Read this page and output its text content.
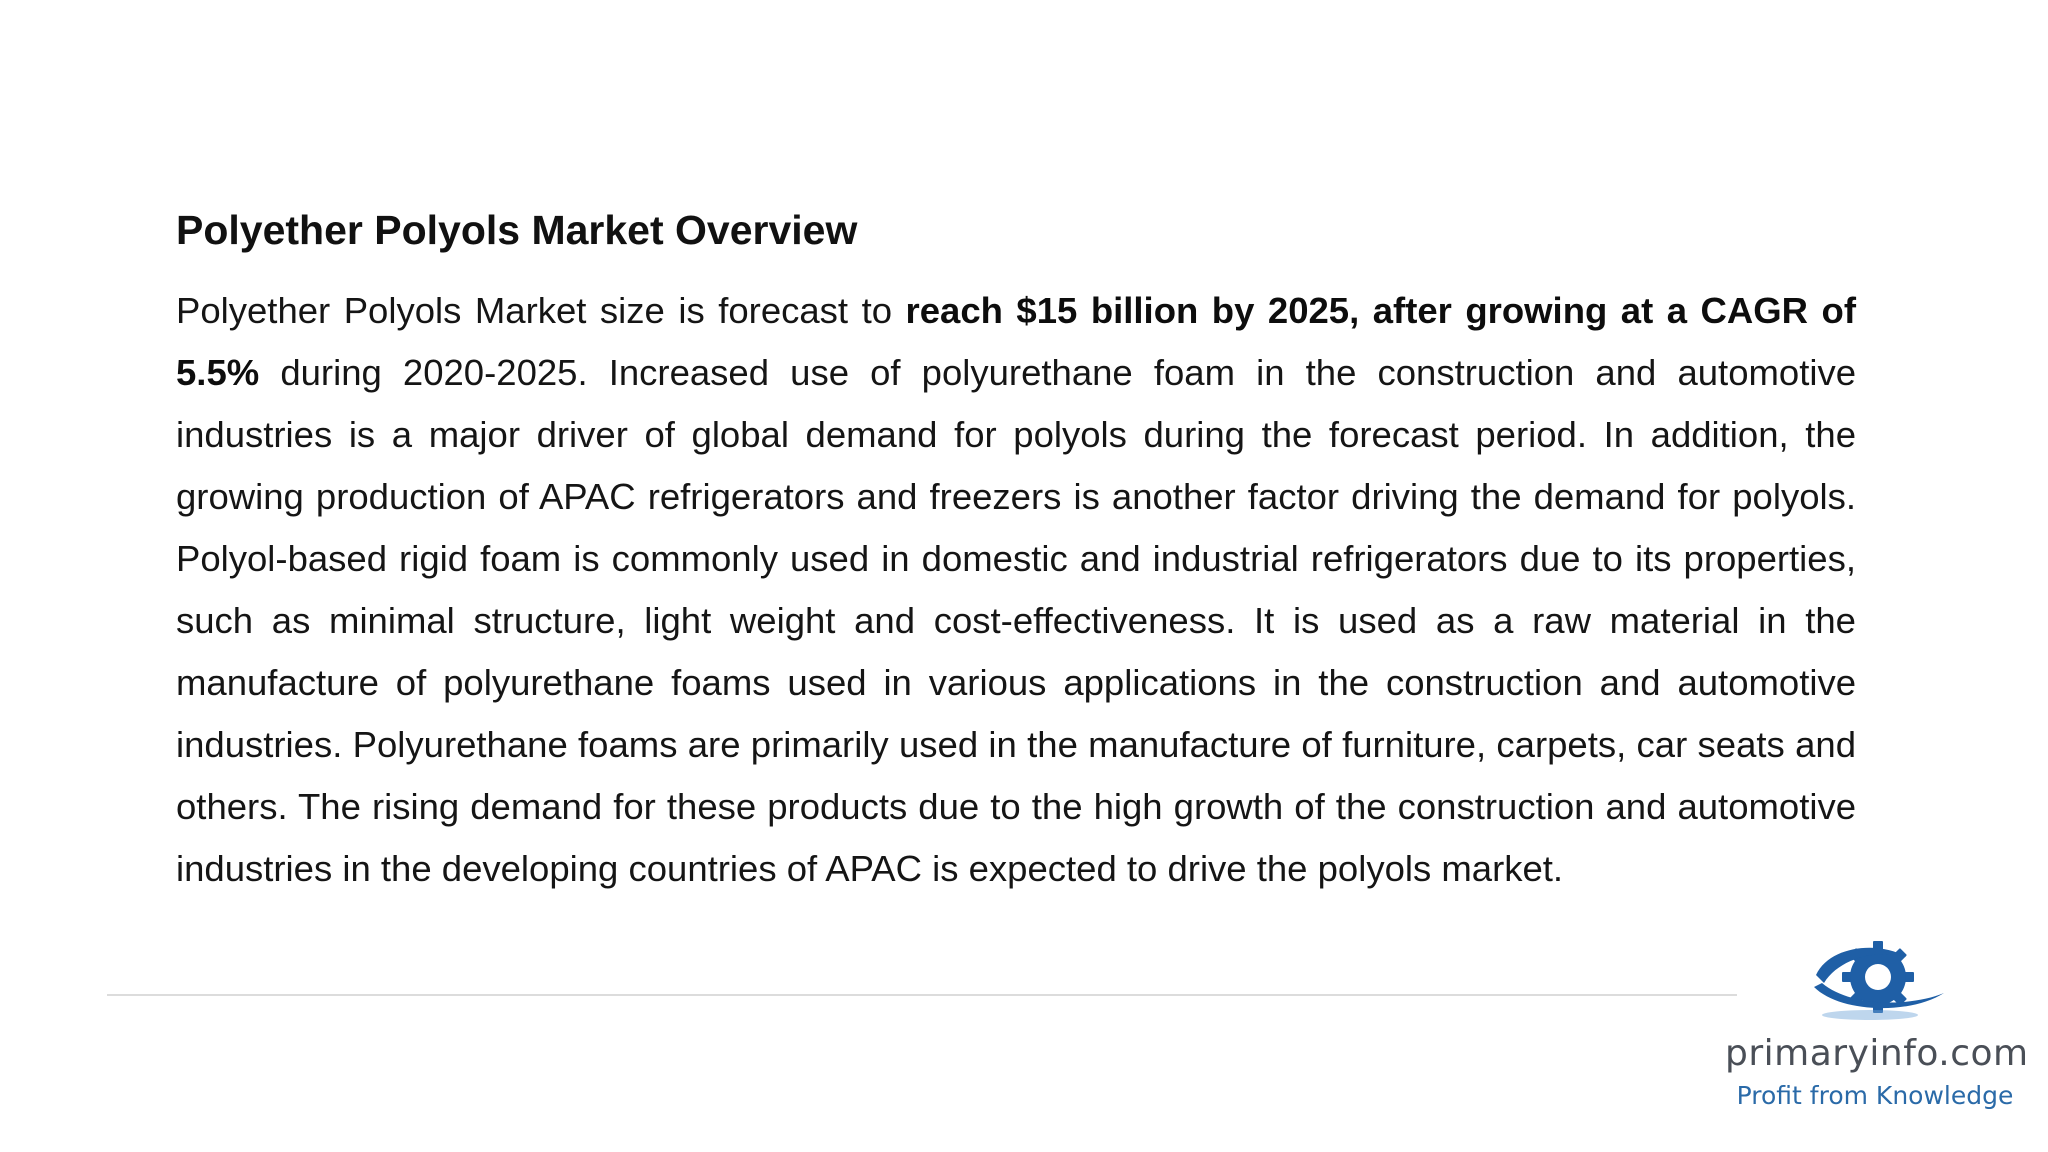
Polyether Polyols Market Overview

Polyether Polyols Market size is forecast to reach $15 billion by 2025, after growing at a CAGR of 5.5% during 2020-2025. Increased use of polyurethane foam in the construction and automotive industries is a major driver of global demand for polyols during the forecast period. In addition, the growing production of APAC refrigerators and freezers is another factor driving the demand for polyols. Polyol-based rigid foam is commonly used in domestic and industrial refrigerators due to its properties, such as minimal structure, light weight and cost-effectiveness. It is used as a raw material in the manufacture of polyurethane foams used in various applications in the construction and automotive industries. Polyurethane foams are primarily used in the manufacture of furniture, carpets, car seats and others. The rising demand for these products due to the high growth of the construction and automotive industries in the developing countries of APAC is expected to drive the polyols market.

primaryinfo.com
Profit from Knowledge
